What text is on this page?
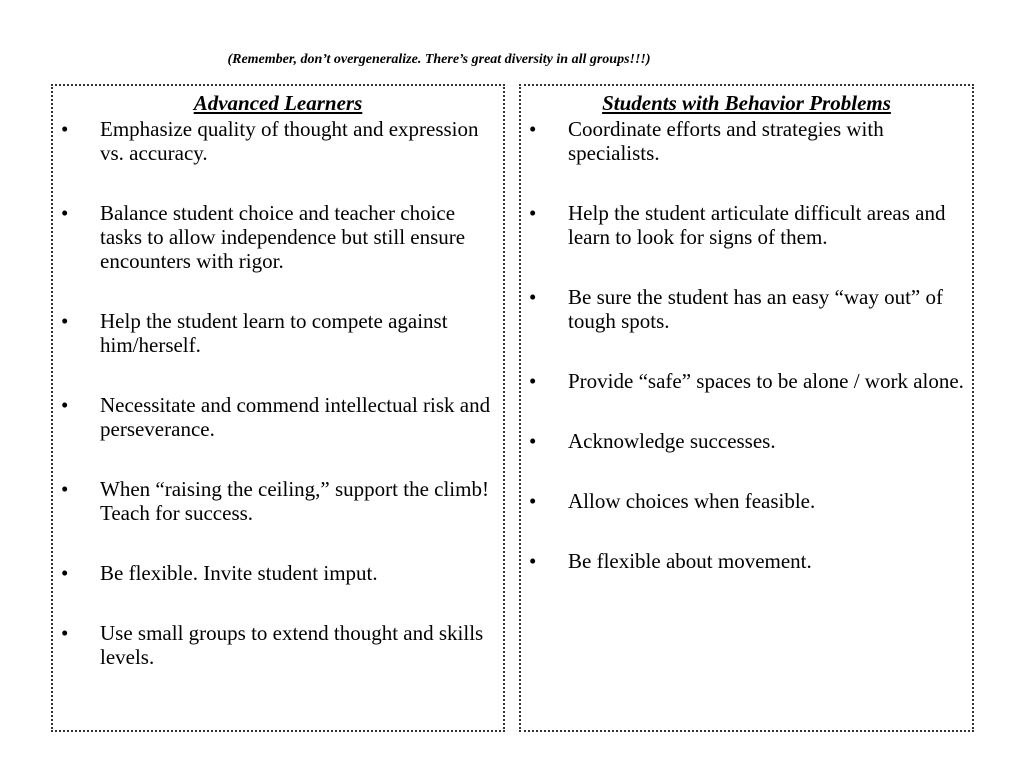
(Remember, don’t overgeneralize. There’s great diversity in all groups!!!)
Advanced Learners
• Emphasize quality of thought and expression vs. accuracy.
• Balance student choice and teacher choice tasks to allow independence but still ensure encounters with rigor.
• Help the student learn to compete against him/herself.
• Necessitate and commend intellectual risk and perseverance.
• When “raising the ceiling,” support the climb! Teach for success.
• Be flexible. Invite student imput.
• Use small groups to extend thought and skills levels.
Students with Behavior Problems
• Coordinate efforts and strategies with specialists.
• Help the student articulate difficult areas and learn to look for signs of them.
• Be sure the student has an easy “way out” of tough spots.
• Provide “safe” spaces to be alone / work alone.
• Acknowledge successes.
• Allow choices when feasible.
• Be flexible about movement.
